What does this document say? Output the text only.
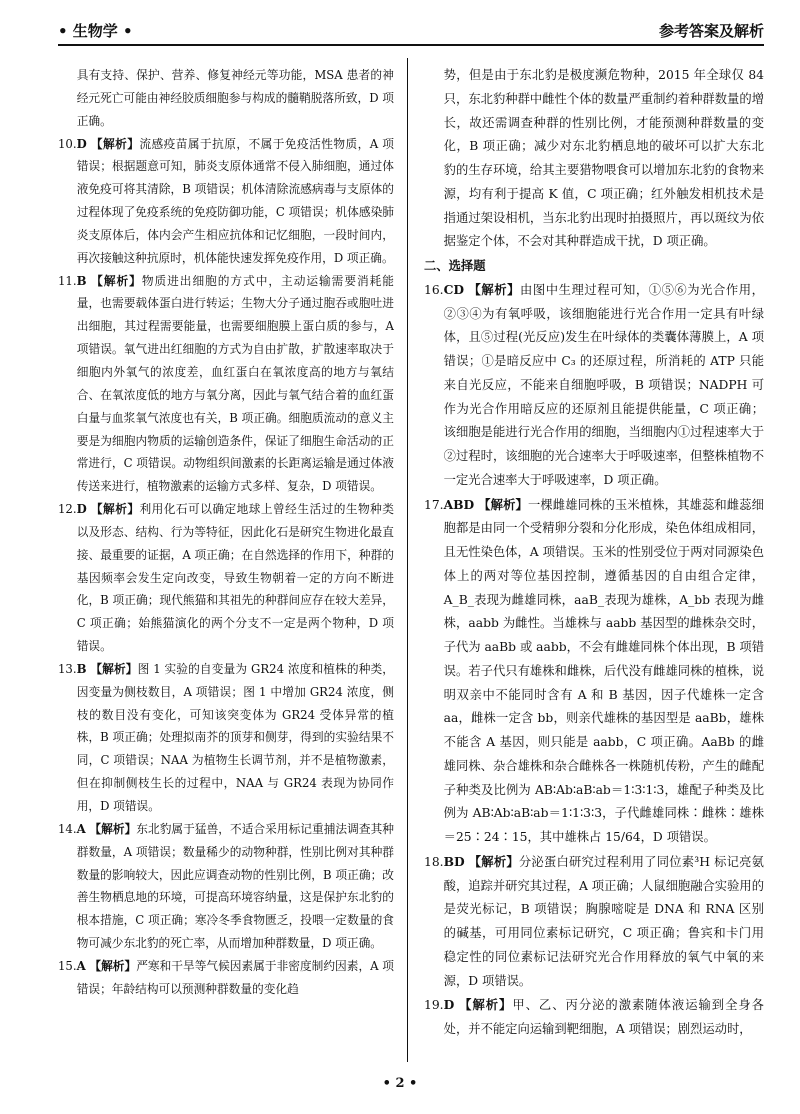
• 生物学 •	参考答案及解析

具有支持、保护、营养、修复神经元等功能，MSA 患者的神经元死亡可能由神经胶质细胞参与构成的髓鞘脱落所致，D 项正确。

10.D 【解析】流感疫苗属于抗原，不属于免疫活性物质，A 项错误；根据题意可知，肺炎支原体通常不侵入肺细胞，通过体液免疫可将其清除，B 项错误；机体清除流感病毒与支原体的过程体现了免疫系统的免疫防御功能，C 项错误；机体感染肺炎支原体后，体内会产生相应抗体和记忆细胞，一段时间内，再次接触这种抗原时，机体能快速发挥免疫作用，D 项正确。

11.B 【解析】物质进出细胞的方式中，主动运输需要消耗能量，也需要载体蛋白进行转运；生物大分子通过胞吞或胞吐进出细胞，其过程需要能量，也需要细胞膜上蛋白质的参与，A 项错误。氧气进出红细胞的方式为自由扩散，扩散速率取决于细胞内外氧气的浓度差，血红蛋白在氧浓度高的地方与氧结合、在氧浓度低的地方与氧分离，因此与氧气结合着的血红蛋白量与血浆氧气浓度也有关，B 项正确。细胞质流动的意义主要是为细胞内物质的运输创造条件，保证了细胞生命活动的正常进行，C 项错误。动物组织间激素的长距离运输是通过体液传送来进行，植物激素的运输方式多样、复杂，D 项错误。

12.D 【解析】利用化石可以确定地球上曾经生活过的生物种类以及形态、结构、行为等特征，因此化石是研究生物进化最直接、最重要的证据，A 项正确；在自然选择的作用下，种群的基因频率会发生定向改变，导致生物朝着一定的方向不断进化，B 项正确；现代熊猫和其祖先的种群间应存在较大差异，C 项正确；始熊猫演化的两个分支不一定是两个物种，D 项错误。

13.B 【解析】图 1 实验的自变量为 GR24 浓度和植株的种类，因变量为侧枝数目，A 项错误；图 1 中增加 GR24 浓度，侧枝的数目没有变化，可知该突变体为 GR24 受体异常的植株，B 项正确；处理拟南芥的顶芽和侧芽，得到的实验结果不同，C 项错误；NAA 为植物生长调节剂，并不是植物激素，但在抑制侧枝生长的过程中，NAA 与 GR24 表现为协同作用，D 项错误。

14.A 【解析】东北豹属于猛兽，不适合采用标记重捕法调查其种群数量，A 项错误；数量稀少的动物种群，性别比例对其种群数量的影响较大，因此应调查动物的性别比例，B 项正确；改善生物栖息地的环境，可提高环境容纳量，这是保护东北豹的根本措施，C 项正确；寒冷冬季食物匮乏，投喂一定数量的食物可减少东北豹的死亡率，从而增加种群数量，D 项正确。

15.A 【解析】严寒和干旱等气候因素属于非密度制约因素，A 项错误；年龄结构可以预测种群数量的变化趋

势，但是由于东北豹是极度濒危物种，2015 年全球仅 84 只，东北豹种群中雌性个体的数量严重制约着种群数量的增长，故还需调查种群的性别比例，才能预测种群数量的变化，B 项正确；减少对东北豹栖息地的破坏可以扩大东北豹的生存环境，给其主要猎物喂食可以增加东北豹的食物来源，均有利于提高 K 值，C 项正确；红外触发相机技术是指通过架设相机，当东北豹出现时拍摄照片，再以斑纹为依据鉴定个体，不会对其种群造成干扰，D 项正确。

二、选择题

16.CD 【解析】由图中生理过程可知，①⑤⑥为光合作用，②③④为有氧呼吸，该细胞能进行光合作用一定具有叶绿体，且⑤过程(光反应)发生在叶绿体的类囊体薄膜上，A 项错误；①是暗反应中 C₃ 的还原过程，所消耗的 ATP 只能来自光反应，不能来自细胞呼吸，B 项错误；NADPH 可作为光合作用暗反应的还原剂且能提供能量，C 项正确；该细胞是能进行光合作用的细胞，当细胞内①过程速率大于②过程时，该细胞的光合速率大于呼吸速率，但整株植物不一定光合速率大于呼吸速率，D 项正确。

17.ABD 【解析】一棵雌雄同株的玉米植株，其雄蕊和雌蕊细胞都是由同一个受精卵分裂和分化形成，染色体组成相同，且无性染色体，A 项错误。玉米的性别受位于两对同源染色体上的两对等位基因控制，遵循基因的自由组合定律，A_B_表现为雌雄同株，aaB_表现为雄株，A_bb 表现为雌株，aabb 为雌性。当雄株与 aabb 基因型的雌株杂交时，子代为 aaBb 或 aabb，不会有雌雄同株个体出现，B 项错误。若子代只有雄株和雌株，后代没有雌雄同株的植株，说明双亲中不能同时含有 A 和 B 基因，因子代雄株一定含 aa，雌株一定含 bb，则亲代雄株的基因型是 aaBb，雄株不能含 A 基因，则只能是 aabb，C 项正确。AaBb 的雌雄同株、杂合雄株和杂合雌株各一株随机传粉，产生的雌配子种类及比例为 AB∶Ab∶aB∶ab＝1∶3∶1∶3，雄配子种类及比例为 AB∶Ab∶aB∶ab＝1∶1∶3∶3，子代雌雄同株∶雌株∶雄株＝25∶24∶15，其中雄株占 15/64，D 项错误。

18.BD 【解析】分泌蛋白研究过程利用了同位素³H 标记亮氨酸，追踪并研究其过程，A 项正确；人鼠细胞融合实验用的是荧光标记，B 项错误；胸腺嘧啶是 DNA 和 RNA 区别的碱基，可用同位素标记研究，C 项正确；鲁宾和卡门用稳定性的同位素标记法研究光合作用释放的氧气中氧的来源，D 项错误。

19.D 【解析】甲、乙、丙分泌的激素随体液运输到全身各处，并不能定向运输到靶细胞，A 项错误；剧烈运动时，

• 2 •
